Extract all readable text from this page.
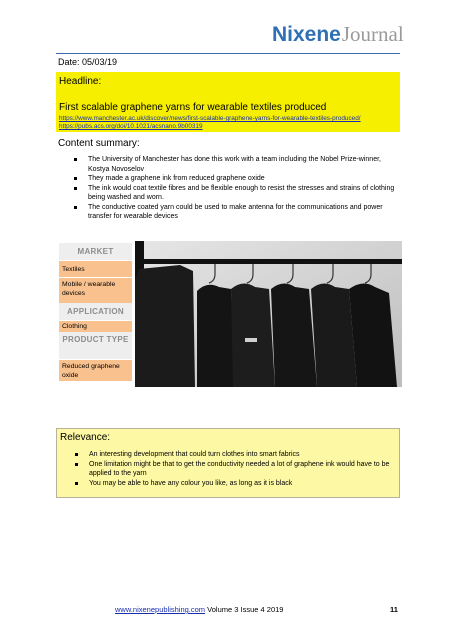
NixeneJournal
Date: 05/03/19
Headline:
First scalable graphene yarns for wearable textiles produced
https://www.manchester.ac.uk/discover/news/first-scalable-graphene-yarns-for-wearable-textiles-produced/
https://pubs.acs.org/doi/10.1021/acsnano.9b00319
Content summary:
The University of Manchester has done this work with a team including the Nobel Prize-winner, Kostya Novoselov
They made a graphene ink from reduced graphene oxide
The ink would coat textile fibres and be flexible enough to resist the stresses and strains of clothing being washed and worn.
The conductive coated yarn could be used to make antenna for the communications and power transfer for wearable devices
MARKET
Textiles
Mobile / wearable devices
APPLICATION
Clothing
PRODUCT TYPE
Reduced graphene oxide
Relevance:
An interesting development that could turn clothes into smart fabrics
One limitation might be that to get the conductivity needed a lot of graphene ink would have to be applied to the yarn
You may be able to have any colour you like, as long as it is black
www.nixenepublishing.com Volume 3 Issue 4 2019	11
